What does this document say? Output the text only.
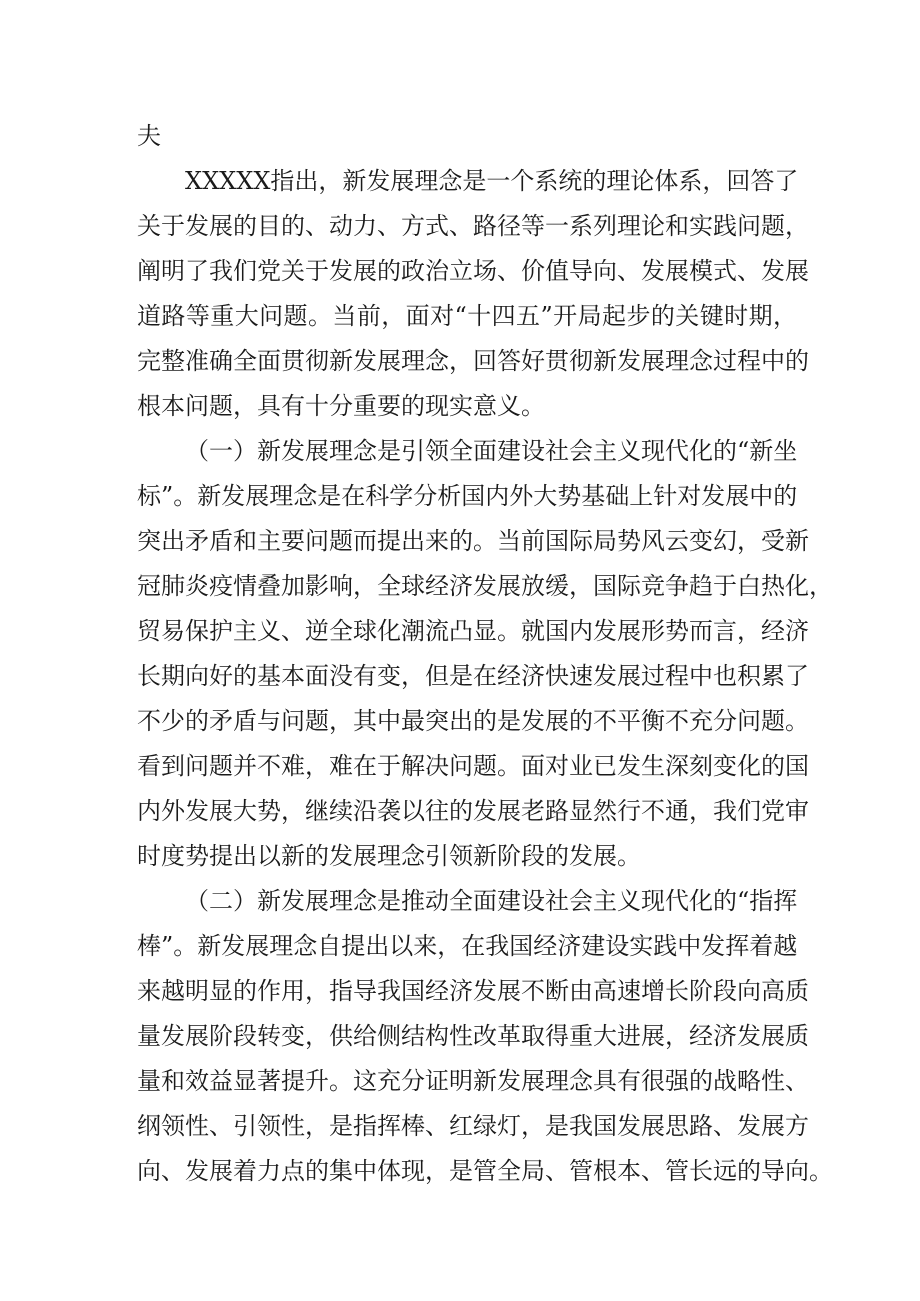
夫
XXXXX指出，新发展理念是一个系统的理论体系，回答了
关于发展的目的、动力、方式、路径等一系列理论和实践问题，
阐明了我们党关于发展的政治立场、价值导向、发展模式、发展
道路等重大问题。当前，面对“十四五”开局起步的关键时期，
完整准确全面贯彻新发展理念，回答好贯彻新发展理念过程中的
根本问题，具有十分重要的现实意义。
（一）新发展理念是引领全面建设社会主义现代化的“新坐
标”。新发展理念是在科学分析国内外大势基础上针对发展中的
突出矛盾和主要问题而提出来的。当前国际局势风云变幻，受新
冠肺炎疫情叠加影响，全球经济发展放缓，国际竞争趋于白热化，
贸易保护主义、逆全球化潮流凸显。就国内发展形势而言，经济
长期向好的基本面没有变，但是在经济快速发展过程中也积累了
不少的矛盾与问题，其中最突出的是发展的不平衡不充分问题。
看到问题并不难，难在于解决问题。面对业已发生深刻变化的国
内外发展大势，继续沿袭以往的发展老路显然行不通，我们党审
时度势提出以新的发展理念引领新阶段的发展。
（二）新发展理念是推动全面建设社会主义现代化的“指挥
棒”。新发展理念自提出以来，在我国经济建设实践中发挥着越
来越明显的作用，指导我国经济发展不断由高速增长阶段向高质
量发展阶段转变，供给侧结构性改革取得重大进展，经济发展质
量和效益显著提升。这充分证明新发展理念具有很强的战略性、
纲领性、引领性，是指挥棒、红绿灯，是我国发展思路、发展方
向、发展着力点的集中体现，是管全局、管根本、管长远的导向。
